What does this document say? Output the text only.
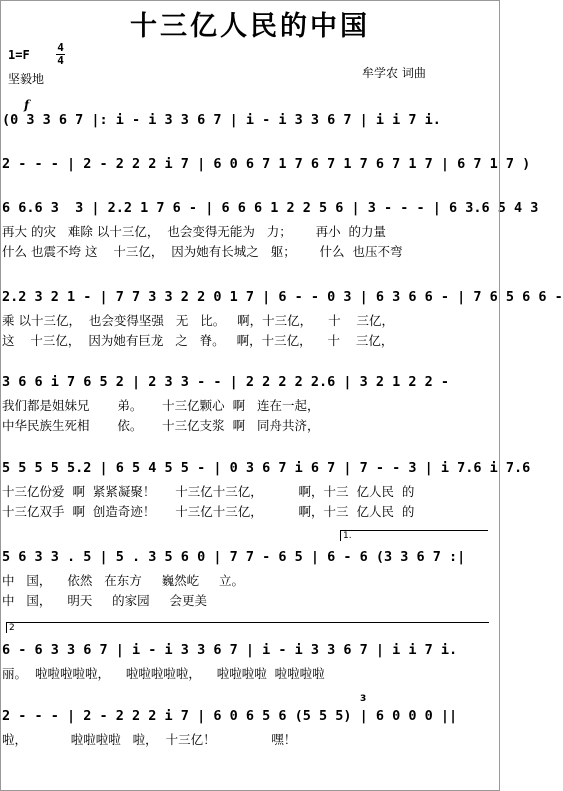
十三亿人民的中国
1=F
4
4
坚毅地	牟学农 词曲
f
(0 3 3 6 7 |: i - i 3 3 6 7 | i - i 3 3 6 7 | i i 7 i.
2 - - - | 2 - 2 2 2 i 7 | 6 0 6 7 1 7 6 7 1 7 6 7 1 7 | 6 7 1 7 )
6 6.6 3  3 | 2.2 1 7 6 - | 6 6 6 1 2 2 5 6 | 3 - - - | 6 3.6 5 4 3
再大 的灾   难除 以十三亿，  也会变得无能为   力；      再小  的力量
什么 也震不垮 这    十三亿，  因为她有长城之   躯；      什么  也压不弯
2.2 3 2 1 - | 7 7 3 3 2 2 0 1 7 | 6 - - 0 3 | 6 3 6 6 - | 7 6 5 6 6 -
乘 以十三亿，  也会变得坚强   无   比。   啊，十三亿，    十    三亿，
这    十三亿，  因为她有巨龙   之   脊。   啊，十三亿，    十    三亿，
3 6 6 i 7 6 5 2 | 2 3 3 - - | 2 2 2 2 2.6 | 3 2 1 2 2 -
我们都是姐妹兄       弟。     十三亿颗心  啊   连在一起，
中华民族生死相       依。     十三亿支浆  啊   同舟共济，
5 5 5 5 5.2 | 6 5 4 5 5 - | 0 3 6 7 i 6 7 | 7 - - 3 | i 7.6 i 7.6
十三亿份爱  啊  紧紧凝聚！     十三亿十三亿，         啊，十三  亿人民  的
十三亿双手  啊  创造奇迹！     十三亿十三亿，         啊，十三  亿人民  的
1.
5 6 3 3 . 5 | 5 . 3 5 6 0 | 7 7 - 6 5 | 6 - 6 (3 3 6 7 :|
中   国，    依然   在东方     巍然屹     立。
中   国，    明天     的家园     会更美
2
6 - 6 3 3 6 7 | i - i 3 3 6 7 | i - i 3 3 6 7 | i i 7 i.
丽。  啦啦啦啦啦，    啦啦啦啦啦，    啦啦啦啦  啦啦啦啦
3
2 - - - | 2 - 2 2 2 i 7 | 6 0 6 5 6 (5 5 5) | 6 0 0 0 ||
啦，           啦啦啦啦   啦，  十三亿！              嘿！
